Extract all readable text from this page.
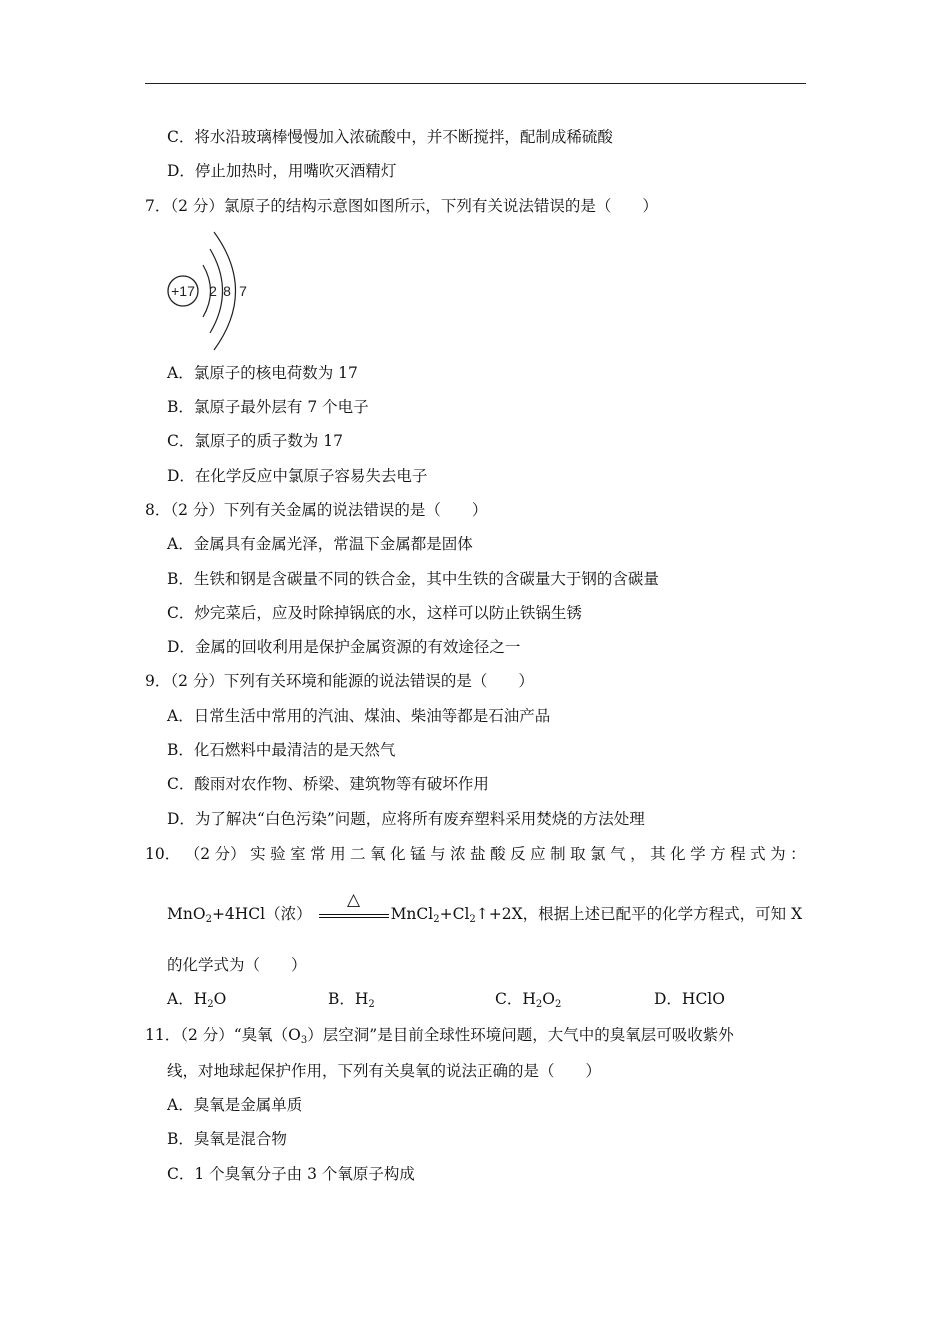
C．将水沿玻璃棒慢慢加入浓硫酸中，并不断搅拌，配制成稀硫酸
D．停止加热时，用嘴吹灭酒精灯
7．（2 分）氯原子的结构示意图如图所示，下列有关说法错误的是（　　）
+17 2 8 7
A．氯原子的核电荷数为 17
B．氯原子最外层有 7 个电子
C．氯原子的质子数为 17
D．在化学反应中氯原子容易失去电子
8．（2 分）下列有关金属的说法错误的是（　　）
A．金属具有金属光泽，常温下金属都是固体
B．生铁和钢是含碳量不同的铁合金，其中生铁的含碳量大于钢的含碳量
C．炒完菜后，应及时除掉锅底的水，这样可以防止铁锅生锈
D．金属的回收利用是保护金属资源的有效途径之一
9．（2 分）下列有关环境和能源的说法错误的是（　　）
A．日常生活中常用的汽油、煤油、柴油等都是石油产品
B．化石燃料中最清洁的是天然气
C．酸雨对农作物、桥梁、建筑物等有破坏作用
D．为了解决“白色污染”问题，应将所有废弃塑料采用焚烧的方法处理
10． （2 分） 实 验 室 常 用 二 氧 化 锰 与 浓 盐 酸 反 应 制 取 氯 气 ， 其 化 学 方 程 式 为 ：
MnO$_2$+4HCl（浓）
△
$MnCl_2+Cl_2↑+2X$，根据上述已配平的化学方程式，可知 X
的化学式为（　　）
A．$H_2O$	B．$H_2$	C．$H_2O_2$	D．HClO
11．（2 分）“臭氧$(O_3)$层空洞”是目前全球性环境问题，大气中的臭氧层可吸收紫外
线，对地球起保护作用，下列有关臭氧的说法正确的是（　　）
A．臭氧是金属单质
B．臭氧是混合物
C．1 个臭氧分子由 3 个氧原子构成
